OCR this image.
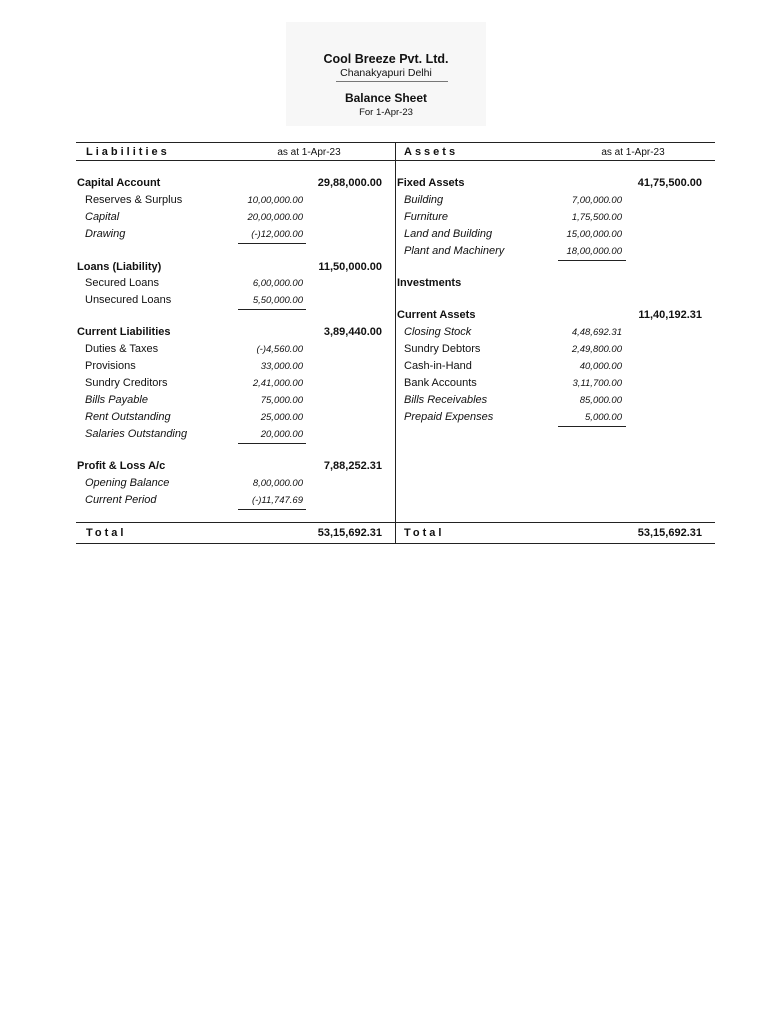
Cool Breeze Pvt. Ltd.
Chanakyapuri Delhi
Balance Sheet
For 1-Apr-23
Liabilities	as at 1-Apr-23	Assets	as at 1-Apr-23
Capital Account	29,88,000.00
Reserves & Surplus	10,00,000.00
Capital	20,00,000.00
Drawing	(-)12,000.00
Loans (Liability)	11,50,000.00
Secured Loans	6,00,000.00
Unsecured Loans	5,50,000.00
Current Liabilities	3,89,440.00
Duties & Taxes	(-)4,560.00
Provisions	33,000.00
Sundry Creditors	2,41,000.00
Bills Payable	75,000.00
Rent Outstanding	25,000.00
Salaries Outstanding	20,000.00
Profit & Loss A/c	7,88,252.31
Opening Balance	8,00,000.00
Current Period	(-)11,747.69
Fixed Assets	41,75,500.00
Building	7,00,000.00
Furniture	1,75,500.00
Land and Building	15,00,000.00
Plant and Machinery	18,00,000.00
Investments
Current Assets	11,40,192.31
Closing Stock	4,48,692.31
Sundry Debtors	2,49,800.00
Cash-in-Hand	40,000.00
Bank Accounts	3,11,700.00
Bills Receivables	85,000.00
Prepaid Expenses	5,000.00
Total	53,15,692.31 Total	53,15,692.31
